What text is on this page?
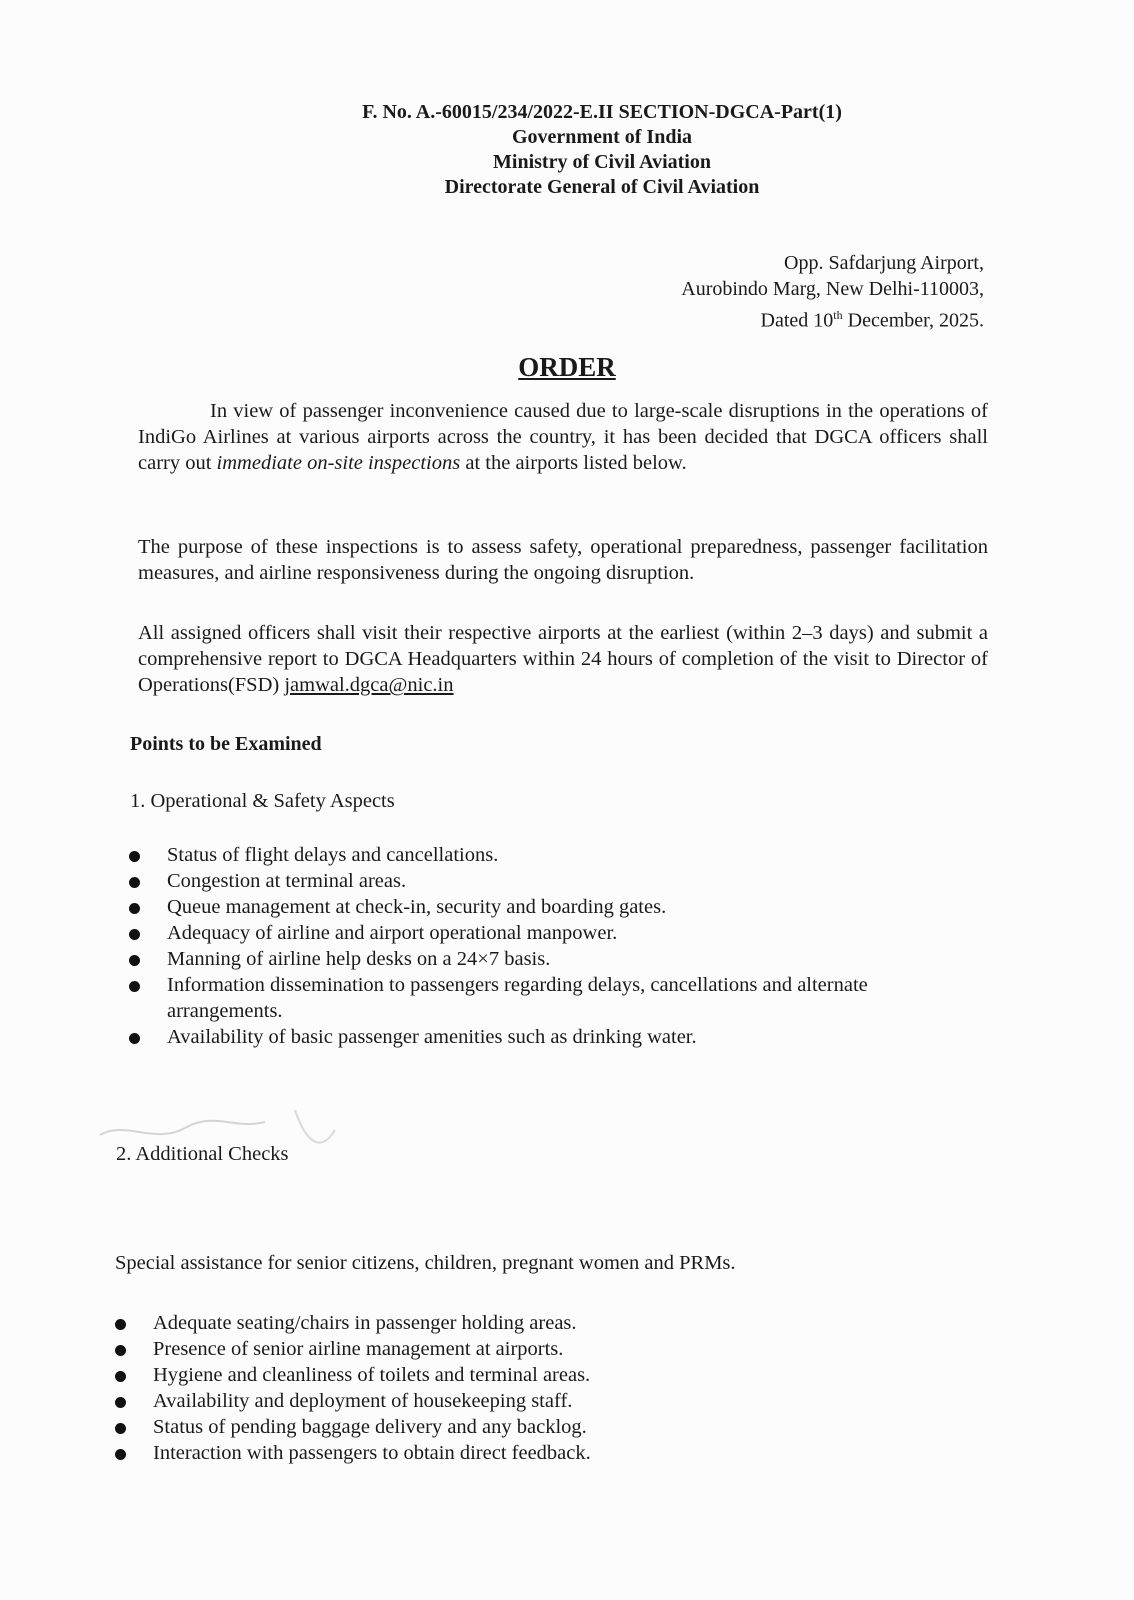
F. No. A.-60015/234/2022-E.II SECTION-DGCA-Part(1)
Government of India
Ministry of Civil Aviation
Directorate General of Civil Aviation
Opp. Safdarjung Airport,
Aurobindo Marg, New Delhi-110003,
Dated 10th December, 2025.
ORDER
In view of passenger inconvenience caused due to large-scale disruptions in the operations of IndiGo Airlines at various airports across the country, it has been decided that DGCA officers shall carry out immediate on-site inspections at the airports listed below.
The purpose of these inspections is to assess safety, operational preparedness, passenger facilitation measures, and airline responsiveness during the ongoing disruption.
All assigned officers shall visit their respective airports at the earliest (within 2–3 days) and submit a comprehensive report to DGCA Headquarters within 24 hours of completion of the visit to Director of Operations(FSD) jamwal.dgca@nic.in
Points to be Examined
1. Operational & Safety Aspects
Status of flight delays and cancellations.
Congestion at terminal areas.
Queue management at check-in, security and boarding gates.
Adequacy of airline and airport operational manpower.
Manning of airline help desks on a 24×7 basis.
Information dissemination to passengers regarding delays, cancellations and alternate arrangements.
Availability of basic passenger amenities such as drinking water.
2. Additional Checks
Special assistance for senior citizens, children, pregnant women and PRMs.
Adequate seating/chairs in passenger holding areas.
Presence of senior airline management at airports.
Hygiene and cleanliness of toilets and terminal areas.
Availability and deployment of housekeeping staff.
Status of pending baggage delivery and any backlog.
Interaction with passengers to obtain direct feedback.
